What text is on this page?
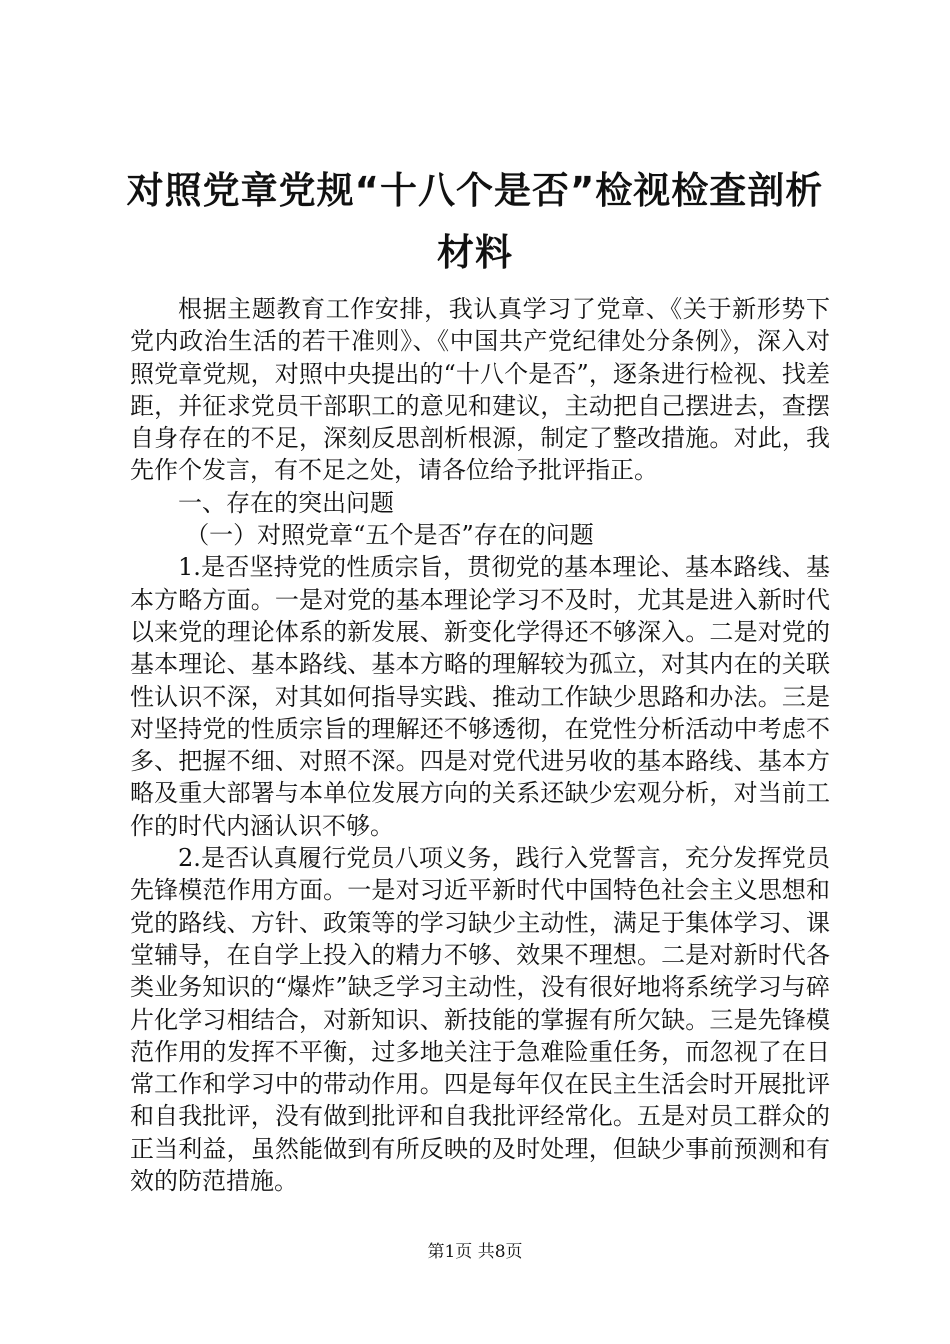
对照党章党规“十八个是否”检视检查剖析材料

根据主题教育工作安排，我认真学习了党章、《关于新形势下党内政治生活的若干准则》、《中国共产党纪律处分条例》，深入对照党章党规，对照中央提出的“十八个是否”，逐条进行检视、找差距，并征求党员干部职工的意见和建议，主动把自己摆进去，查摆自身存在的不足，深刻反思剖析根源，制定了整改措施。对此，我先作个发言，有不足之处，请各位给予批评指正。

一、存在的突出问题

（一）对照党章“五个是否”存在的问题

1.是否坚持党的性质宗旨，贯彻党的基本理论、基本路线、基本方略方面。一是对党的基本理论学习不及时，尤其是进入新时代以来党的理论体系的新发展、新变化学得还不够深入。二是对党的基本理论、基本路线、基本方略的理解较为孤立，对其内在的关联性认识不深，对其如何指导实践、推动工作缺少思路和办法。三是对坚持党的性质宗旨的理解还不够透彻，在党性分析活动中考虑不多、把握不细、对照不深。四是对党代进另收的基本路线、基本方略及重大部署与本单位发展方向的关系还缺少宏观分析，对当前工作的时代内涵认识不够。

2.是否认真履行党员八项义务，践行入党誓言，充分发挥党员先锋模范作用方面。一是对习近平新时代中国特色社会主义思想和党的路线、方针、政策等的学习缺少主动性，满足于集体学习、课堂辅导，在自学上投入的精力不够、效果不理想。二是对新时代各类业务知识的“爆炸”缺乏学习主动性，没有很好地将系统学习与碎片化学习相结合，对新知识、新技能的掌握有所欠缺。三是先锋模范作用的发挥不平衡，过多地关注于急难险重任务，而忽视了在日常工作和学习中的带动作用。四是每年仅在民主生活会时开展批评和自我批评，没有做到批评和自我批评经常化。五是对员工群众的正当利益，虽然能做到有所反映的及时处理，但缺少事前预测和有效的防范措施。

第1页 共8页
